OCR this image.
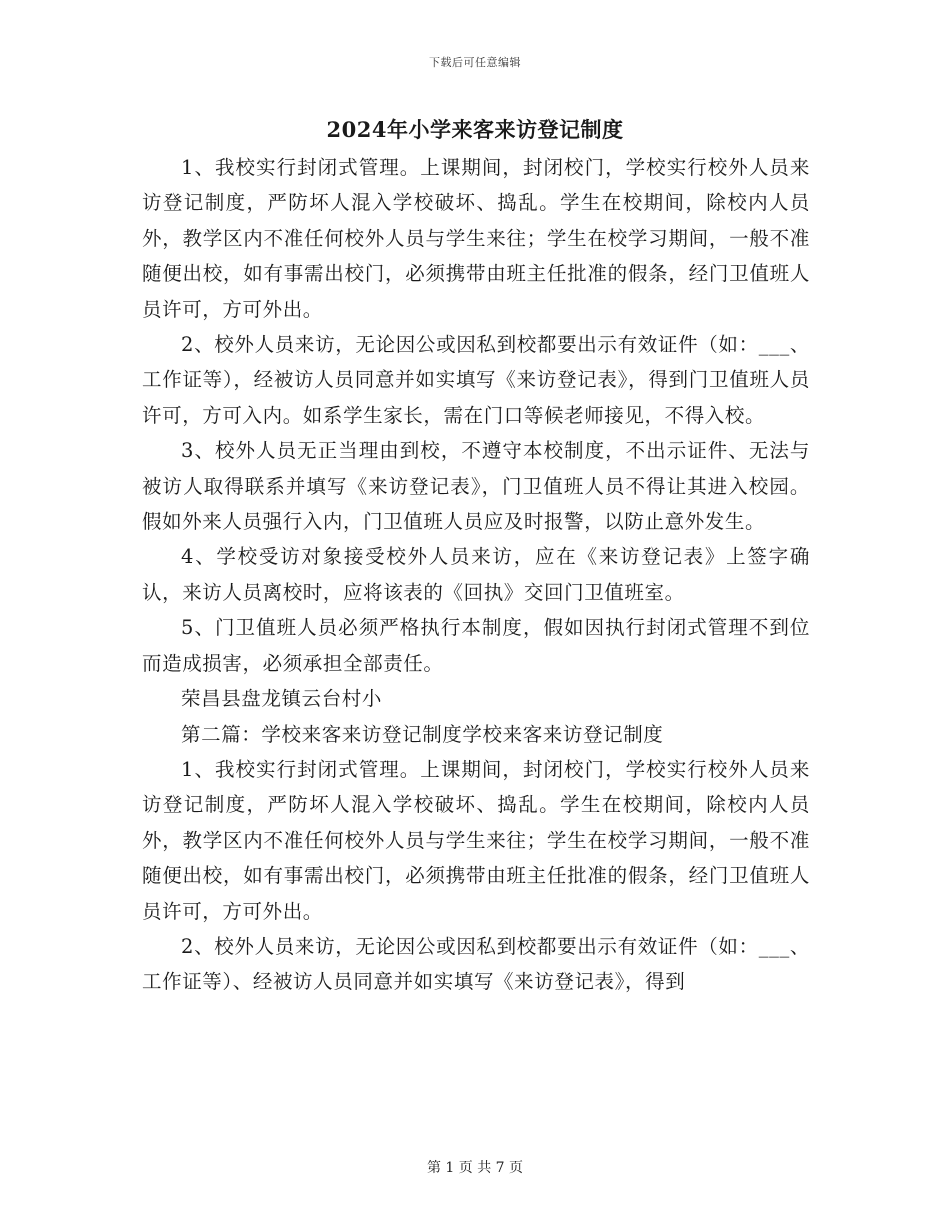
下载后可任意编辑
2024年小学来客来访登记制度

1、我校实行封闭式管理。上课期间，封闭校门，学校实行校外人员来访登记制度，严防坏人混入学校破坏、捣乱。学生在校期间，除校内人员外，教学区内不准任何校外人员与学生来往；学生在校学习期间，一般不准随便出校，如有事需出校门，必须携带由班主任批准的假条，经门卫值班人员许可，方可外出。

2、校外人员来访，无论因公或因私到校都要出示有效证件（如：___、工作证等），经被访人员同意并如实填写《来访登记表》，得到门卫值班人员许可，方可入内。如系学生家长，需在门口等候老师接见，不得入校。

3、校外人员无正当理由到校，不遵守本校制度，不出示证件、无法与被访人取得联系并填写《来访登记表》，门卫值班人员不得让其进入校园。假如外来人员强行入内，门卫值班人员应及时报警，以防止意外发生。

4、学校受访对象接受校外人员来访，应在《来访登记表》上签字确认，来访人员离校时，应将该表的《回执》交回门卫值班室。

5、门卫值班人员必须严格执行本制度，假如因执行封闭式管理不到位而造成损害，必须承担全部责任。

荣昌县盘龙镇云台村小

第二篇：学校来客来访登记制度学校来客来访登记制度

1、我校实行封闭式管理。上课期间，封闭校门，学校实行校外人员来访登记制度，严防坏人混入学校破坏、捣乱。学生在校期间，除校内人员外，教学区内不准任何校外人员与学生来往；学生在校学习期间，一般不准随便出校，如有事需出校门，必须携带由班主任批准的假条，经门卫值班人员许可，方可外出。

2、校外人员来访，无论因公或因私到校都要出示有效证件（如：___、工作证等）、经被访人员同意并如实填写《来访登记表》，得到

第 1 页 共 7 页
